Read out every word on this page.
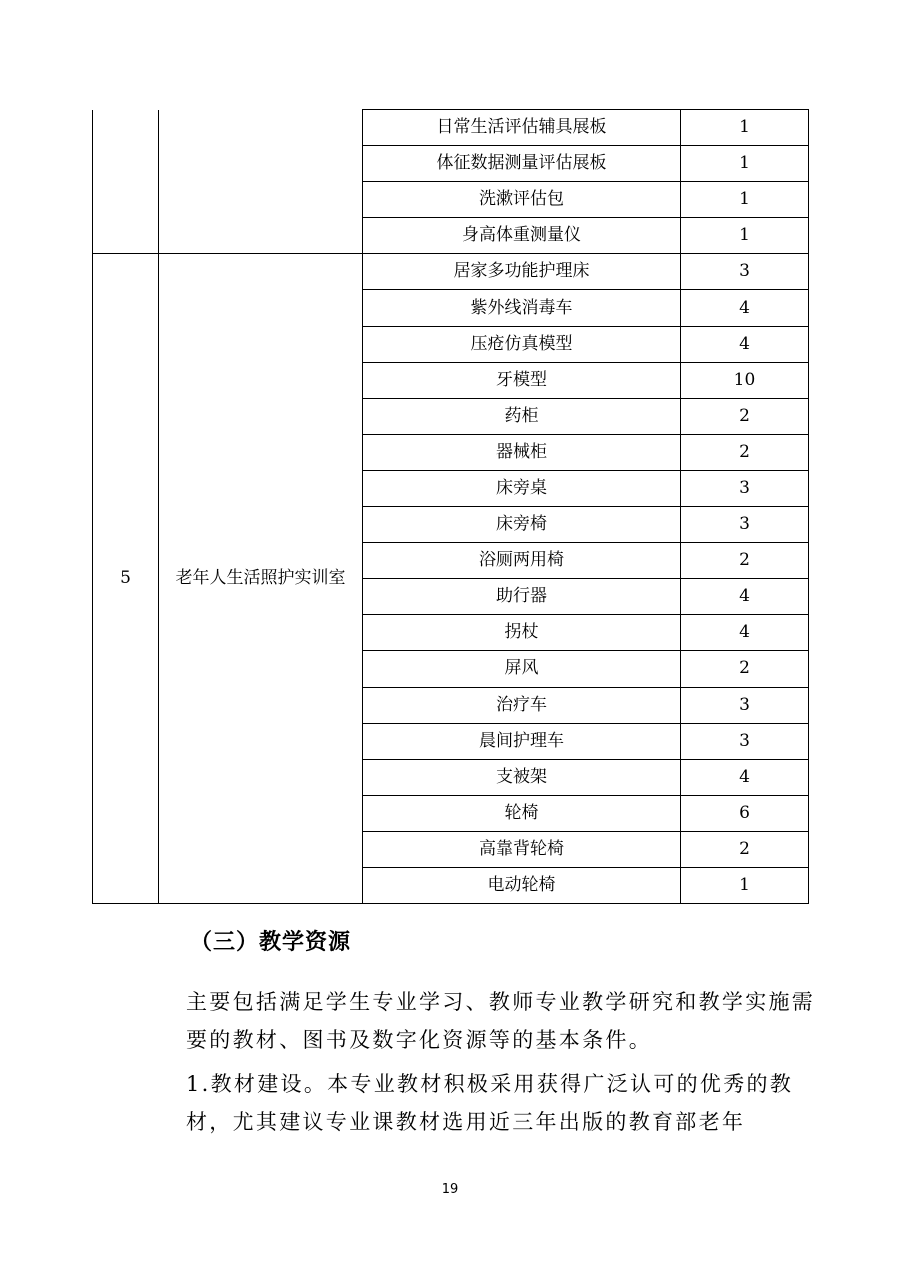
		日常生活评估辅具展板	1
		体征数据测量评估展板	1
		洗漱评估包	1
		身高体重测量仪	1
5	老年人生活照护实训室	居家多功能护理床	3
		紫外线消毒车	4
		压疮仿真模型	4
		牙模型	10
		药柜	2
		器械柜	2
		床旁桌	3
		床旁椅	3
		浴厕两用椅	2
		助行器	4
		拐杖	4
		屏风	2
		治疗车	3
		晨间护理车	3
		支被架	4
		轮椅	6
		高靠背轮椅	2
		电动轮椅	1
（三）教学资源

主要包括满足学生专业学习、教师专业教学研究和教学实施需要的教材、图书及数字化资源等的基本条件。

1.教材建设。本专业教材积极采用获得广泛认可的优秀的教材，尤其建议专业课教材选用近三年出版的教育部老年

19
